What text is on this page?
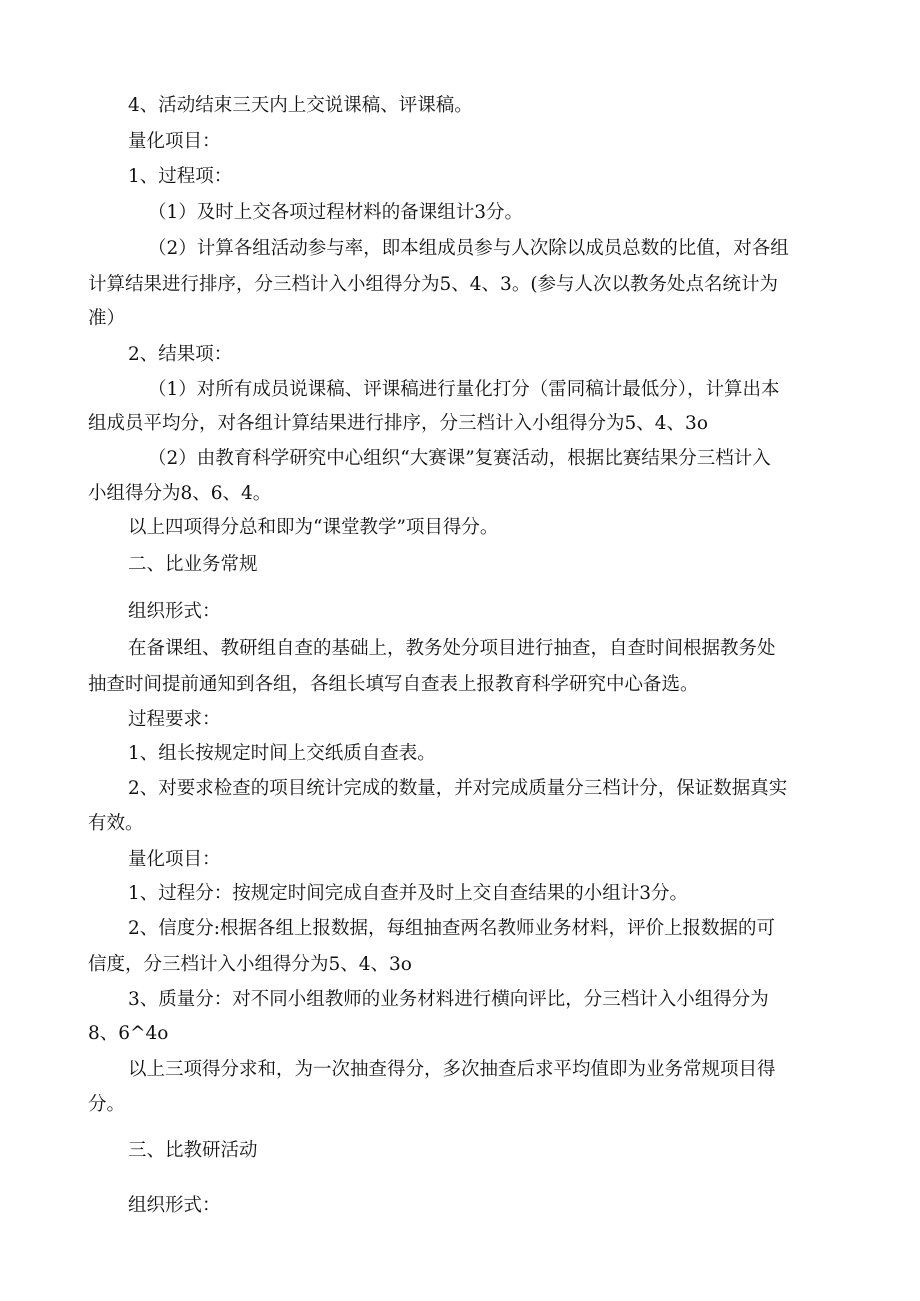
4、活动结束三天内上交说课稿、评课稿。
量化项目：
1、过程项：
（1）及时上交各项过程材料的备课组计3分。
（2）计算各组活动参与率，即本组成员参与人次除以成员总数的比值，对各组
计算结果进行排序，分三档计入小组得分为5、4、3。(参与人次以教务处点名统计为
准）
2、结果项：
（1）对所有成员说课稿、评课稿进行量化打分（雷同稿计最低分），计算出本
组成员平均分，对各组计算结果进行排序，分三档计入小组得分为5、4、3o
（2）由教育科学研究中心组织“大赛课”复赛活动，根据比赛结果分三档计入
小组得分为8、6、4。
以上四项得分总和即为“课堂教学”项目得分。
二、比业务常规
组织形式：
在备课组、教研组自查的基础上，教务处分项目进行抽查，自查时间根据教务处
抽查时间提前通知到各组，各组长填写自查表上报教育科学研究中心备选。
过程要求：
1、组长按规定时间上交纸质自查表。
2、对要求检查的项目统计完成的数量，并对完成质量分三档计分，保证数据真实
有效。
量化项目：
1、过程分：按规定时间完成自查并及时上交自查结果的小组计3分。
2、信度分:根据各组上报数据，每组抽查两名教师业务材料，评价上报数据的可
信度，分三档计入小组得分为5、4、3o
3、质量分：对不同小组教师的业务材料进行横向评比，分三档计入小组得分为
8、6^4o
以上三项得分求和，为一次抽查得分，多次抽查后求平均值即为业务常规项目得
分。
三、比教研活动
组织形式：
